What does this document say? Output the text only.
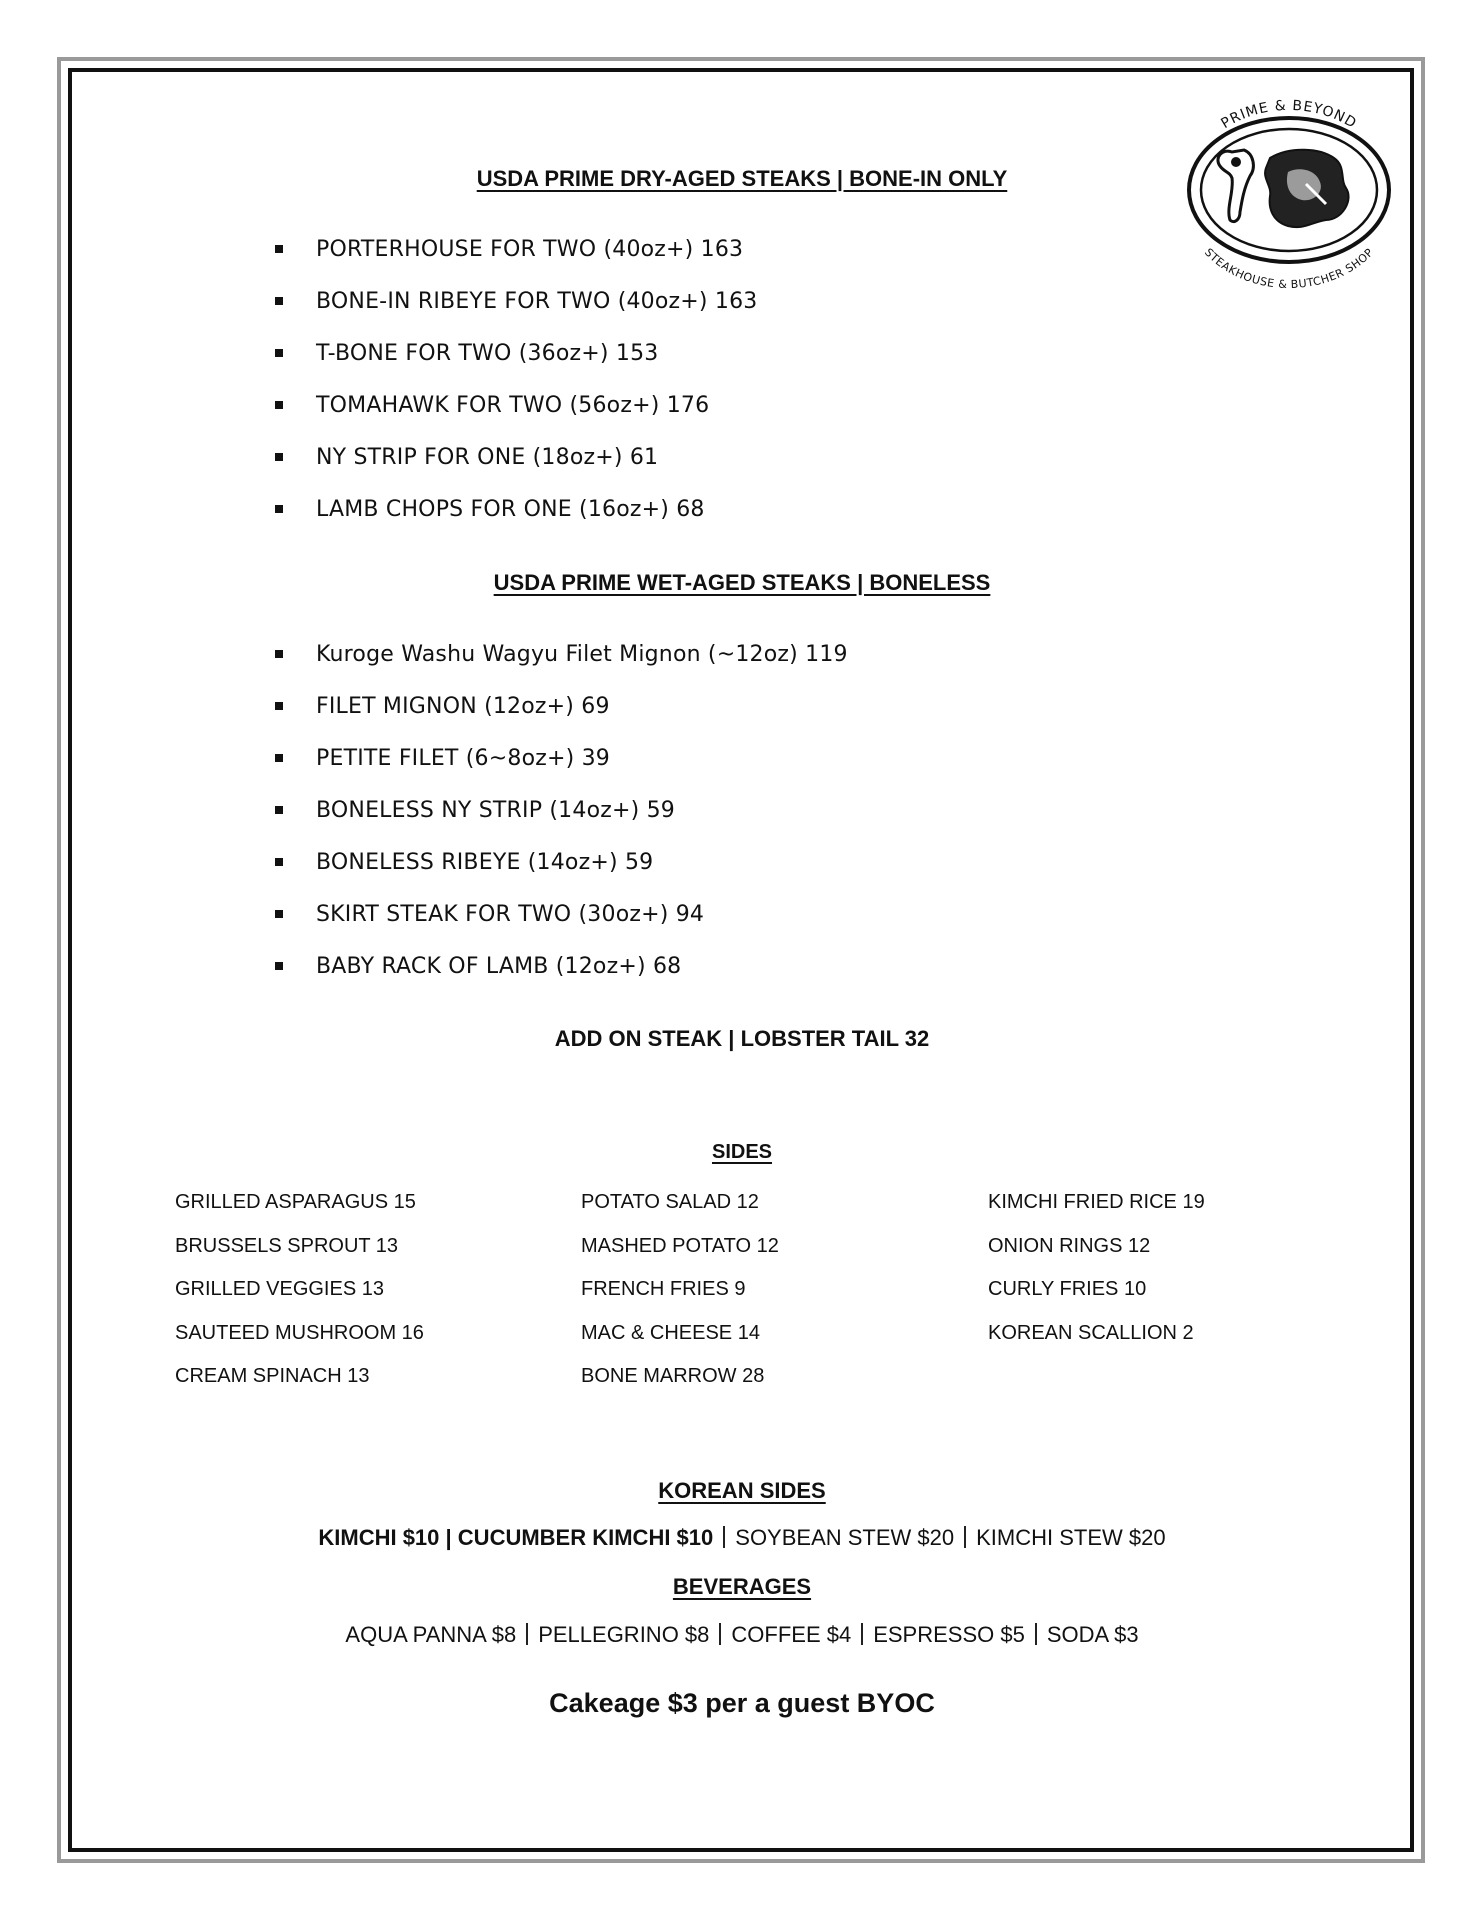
PRIME & BEYOND
STEAKHOUSE & BUTCHER SHOP
USDA PRIME DRY-AGED STEAKS | BONE-IN ONLY
PORTERHOUSE FOR TWO (40oz+) 163
BONE-IN RIBEYE FOR TWO (40oz+) 163
T-BONE FOR TWO (36oz+) 153
TOMAHAWK FOR TWO (56oz+) 176
NY STRIP FOR ONE (18oz+) 61
LAMB CHOPS FOR ONE (16oz+) 68
USDA PRIME WET-AGED STEAKS | BONELESS
Kuroge Washu Wagyu Filet Mignon (~12oz) 119
FILET MIGNON (12oz+) 69
PETITE FILET (6~8oz+) 39
BONELESS NY STRIP (14oz+) 59
BONELESS RIBEYE (14oz+) 59
SKIRT STEAK FOR TWO (30oz+) 94
BABY RACK OF LAMB (12oz+) 68
ADD ON STEAK | LOBSTER TAIL 32
SIDES
GRILLED ASPARAGUS 15
BRUSSELS SPROUT 13
GRILLED VEGGIES 13
SAUTEED MUSHROOM 16
CREAM SPINACH 13
POTATO SALAD 12
MASHED POTATO 12
FRENCH FRIES 9
MAC & CHEESE 14
BONE MARROW 28
KIMCHI FRIED RICE 19
ONION RINGS 12
CURLY FRIES 10
KOREAN SCALLION 2
KOREAN SIDES
KIMCHI $10 | CUCUMBER KIMCHI $10 SOYBEAN STEW $20 KIMCHI STEW $20
BEVERAGES
AQUA PANNA $8 PELLEGRINO $8 COFFEE $4 ESPRESSO $5 SODA $3
Cakeage $3 per a guest BYOC
